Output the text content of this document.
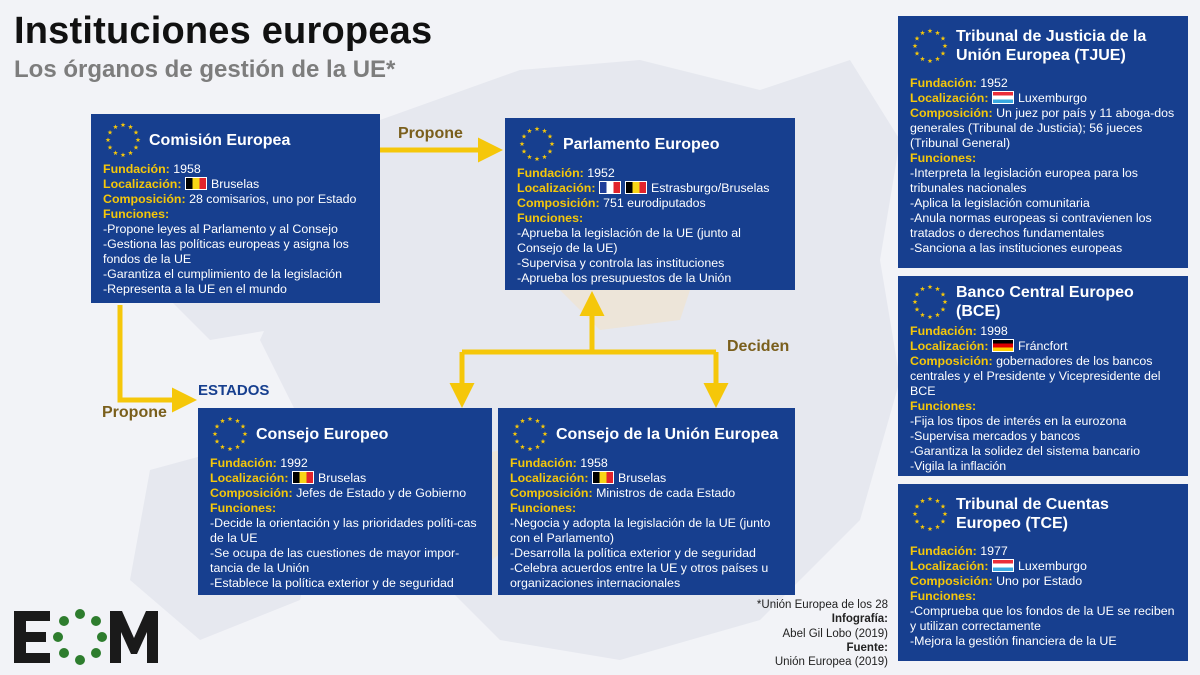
Instituciones europeas
Los órganos de gestión de la UE*
Propone
Propone
Deciden
ESTADOS
Comisión Europea
Fundación: 1958
Localización: Bruselas
Composición: 28 comisarios, uno por Estado
Funciones:
-Propone leyes al Parlamento y al Consejo
-Gestiona las políticas europeas y asigna los fondos de la UE
-Garantiza el cumplimiento de la legislación
-Representa a la UE en el mundo
Parlamento Europeo
Fundación: 1952
Localización:	Estrasburgo/Bruselas
Composición: 751 eurodiputados
Funciones:
-Aprueba la legislación de la UE (junto al Consejo de la UE)
-Supervisa y controla las instituciones
-Aprueba los presupuestos de la Unión
Consejo Europeo
Fundación: 1992
Localización: Bruselas
Composición: Jefes de Estado y de Gobierno
Funciones:
-Decide la orientación y las prioridades políti-cas de la UE
-Se ocupa de las cuestiones de mayor impor-tancia de la Unión
-Establece la política exterior y de seguridad
Consejo de la Unión Europea
Fundación: 1958
Localización: Bruselas
Composición: Ministros de cada Estado
Funciones:
-Negocia y adopta la legislación de la UE (junto con el Parlamento)
-Desarrolla la política exterior y de seguridad
-Celebra acuerdos entre la UE y otros países u organizaciones internacionales
Tribunal de Justicia de la Unión Europea (TJUE)
Fundación: 1952
Localización: Luxemburgo
Composición: Un juez por país y 11 aboga-dos generales (Tribunal de Justicia); 56 jueces (Tribunal General)
Funciones:
-Interpreta la legislación europea para los tribunales nacionales
-Aplica la legislación comunitaria
-Anula normas europeas si contravienen los tratados o derechos fundamentales
-Sanciona a las instituciones europeas
Banco Central Europeo (BCE)
Fundación: 1998
Localización: Fráncfort
Composición: gobernadores de los bancos centrales y el Presidente y Vicepresidente del BCE
Funciones:
-Fija los tipos de interés en la eurozona
-Supervisa mercados y bancos
-Garantiza la solidez del sistema bancario
-Vigila la inflación
Tribunal de Cuentas Europeo (TCE)
Fundación: 1977
Localización: Luxemburgo
Composición: Uno por Estado
Funciones:
-Comprueba que los fondos de la UE se reciben y utilizan correctamente
-Mejora la gestión financiera de la UE
*Unión Europea de los 28
Infografía:
Abel Gil Lobo (2019)
Fuente:
Unión Europea (2019)
